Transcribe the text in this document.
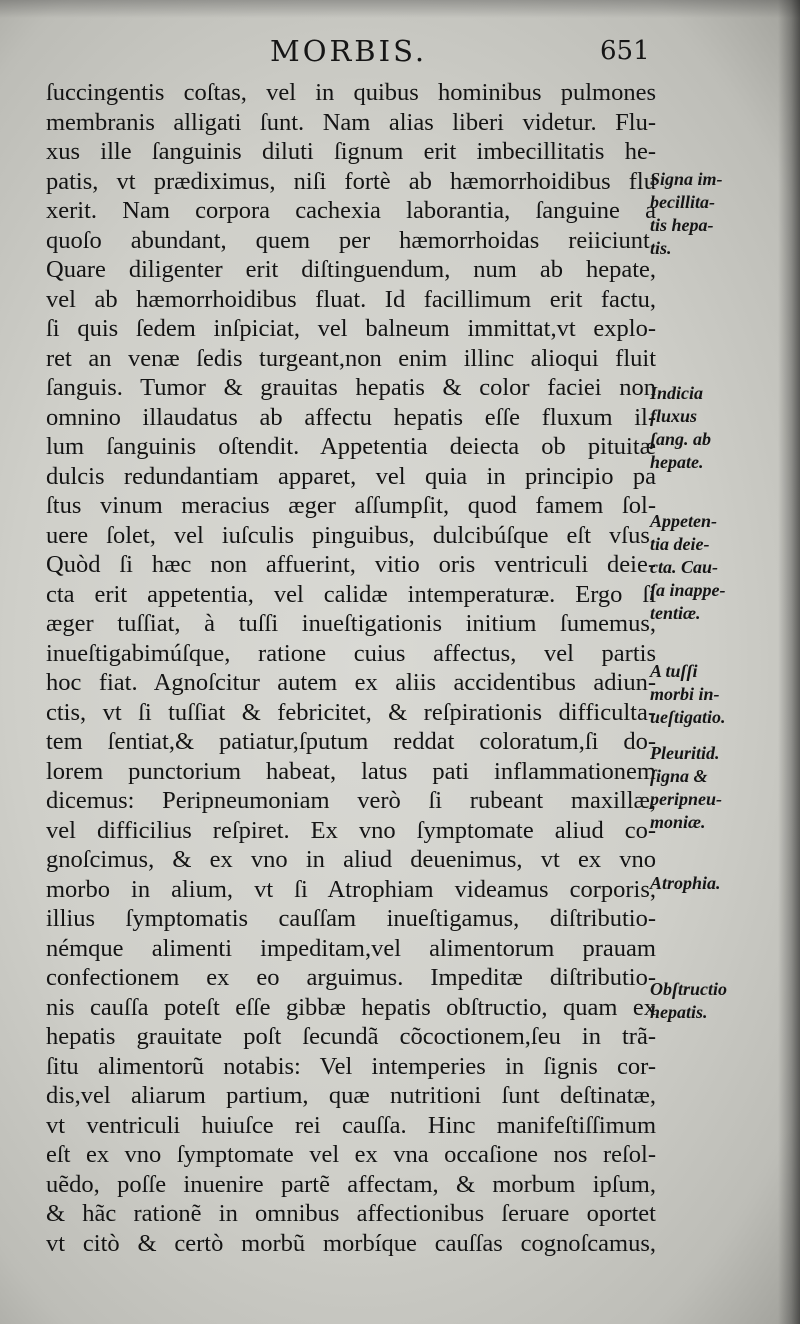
MORBIS.	651
ſuccingentis coſtas, vel in quibus hominibus pulmones
membranis alligati ſunt. Nam alias liberi videtur. Flu-
xus ille ſanguinis diluti ſignum erit imbecillitatis he-
patis, vt prædiximus, niſi fortè ab hæmorrhoidibus flu
xerit. Nam corpora cachexia laborantia, ſanguine a
quoſo abundant, quem per hæmorrhoidas reiiciunt.
Quare diligenter erit diſtinguendum, num ab hepate,
vel ab hæmorrhoidibus fluat. Id facillimum erit factu,
ſi quis ſedem inſpiciat, vel balneum immittat,vt explo-
ret an venæ ſedis turgeant,non enim illinc alioqui fluit
ſanguis. Tumor & grauitas hepatis & color faciei non
omnino illaudatus ab affectu hepatis eſſe fluxum il-
lum ſanguinis oſtendit. Appetentia deiecta ob pituitæ
dulcis redundantiam apparet, vel quia in principio pa
ſtus vinum meracius æger aſſumpſit, quod famem ſol-
uere ſolet, vel iuſculis pinguibus, dulcibúſque eſt vſus.
Quòd ſi hæc non affuerint, vitio oris ventriculi deie-
cta erit appetentia, vel calidæ intemperaturæ. Ergo ſi
æger tuſſiat, à tuſſi inueſtigationis initium ſumemus,
inueſtigabimúſque, ratione cuius affectus, vel partis
hoc fiat. Agnoſcitur autem ex aliis accidentibus adiun-
ctis, vt ſi tuſſiat & febricitet, & reſpirationis difficulta-
tem ſentiat,& patiatur,ſputum reddat coloratum,ſi do-
lorem punctorium habeat, latus pati inflammationem
dicemus: Peripneumoniam verò ſi rubeant maxillæ,
vel difficilius reſpiret. Ex vno ſymptomate aliud co-
gnoſcimus, & ex vno in aliud deuenimus, vt ex vno
morbo in alium, vt ſi Atrophiam videamus corporis,
illius ſymptomatis cauſſam inueſtigamus, diſtributio-
némque alimenti impeditam,vel alimentorum prauam
confectionem ex eo arguimus. Impeditæ diſtributio-
nis cauſſa poteſt eſſe gibbæ hepatis obſtructio, quam ex
hepatis grauitate poſt ſecundã cõcoctionem,ſeu in trã-
ſitu alimentorũ notabis: Vel intemperies in ſignis cor-
dis,vel aliarum partium, quæ nutritioni ſunt deſtinatæ,
vt ventriculi huiuſce rei cauſſa. Hinc manifeſtiſſimum
eſt ex vno ſymptomate vel ex vna occaſione nos reſol-
uẽdo, poſſe inuenire partẽ affectam, & morbum ipſum,
& hãc rationẽ in omnibus affectionibus ſeruare oportet
vt citò & certò morbũ morbíque cauſſas cognoſcamus,
Signa im-
becillita-
tis hepa-
tis.
Indicia
fluxus
ſang. ab
hepate.
Appeten-
tia deie-
cta. Cau-
ſa inappe-
tentiæ.
A tuſſi
morbi in-
ueſtigatio.
Pleuritid.
ſigna &
peripneu-
moniæ.
Atrophia.
Obſtructio
hepatis.
